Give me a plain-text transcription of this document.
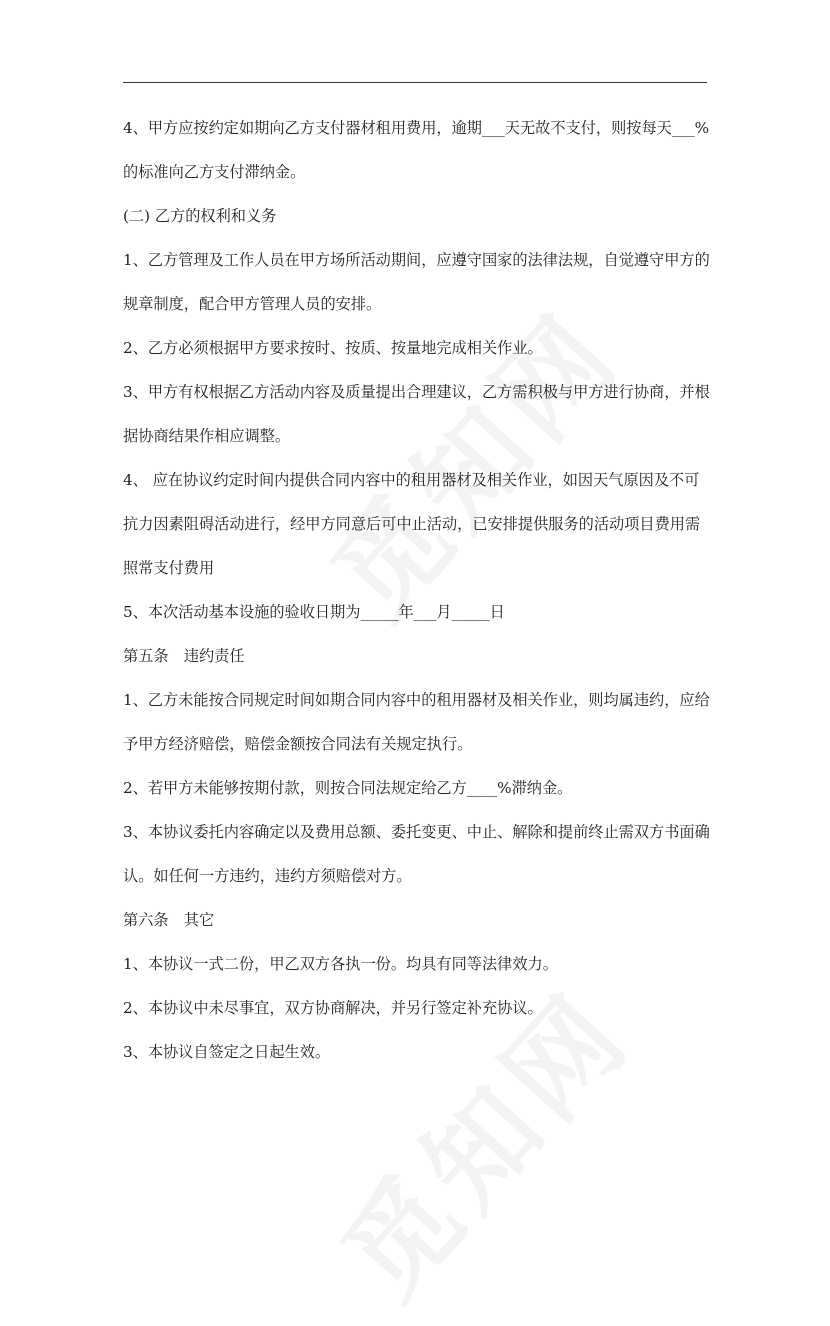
4、甲方应按约定如期向乙方支付器材租用费用，逾期___天无故不支付，则按每天___%的标准向乙方支付滞纳金。

(二) 乙方的权利和义务

1、乙方管理及工作人员在甲方场所活动期间，应遵守国家的法律法规，自觉遵守甲方的规章制度，配合甲方管理人员的安排。

2、乙方必须根据甲方要求按时、按质、按量地完成相关作业。

3、甲方有权根据乙方活动内容及质量提出合理建议，乙方需积极与甲方进行协商，并根据协商结果作相应调整。

4、 应在协议约定时间内提供合同内容中的租用器材及相关作业，如因天气原因及不可抗力因素阻碍活动进行，经甲方同意后可中止活动，已安排提供服务的活动项目费用需照常支付费用

5、本次活动基本设施的验收日期为_____年___月_____日

第五条　违约责任

1、乙方未能按合同规定时间如期合同内容中的租用器材及相关作业，则均属违约，应给予甲方经济赔偿，赔偿金额按合同法有关规定执行。

2、若甲方未能够按期付款，则按合同法规定给乙方____%滞纳金。

3、本协议委托内容确定以及费用总额、委托变更、中止、解除和提前终止需双方书面确认。如任何一方违约，违约方须赔偿对方。

第六条　其它

1、本协议一式二份，甲乙双方各执一份。均具有同等法律效力。

2、本协议中未尽事宜，双方协商解决，并另行签定补充协议。

3、本协议自签定之日起生效。
